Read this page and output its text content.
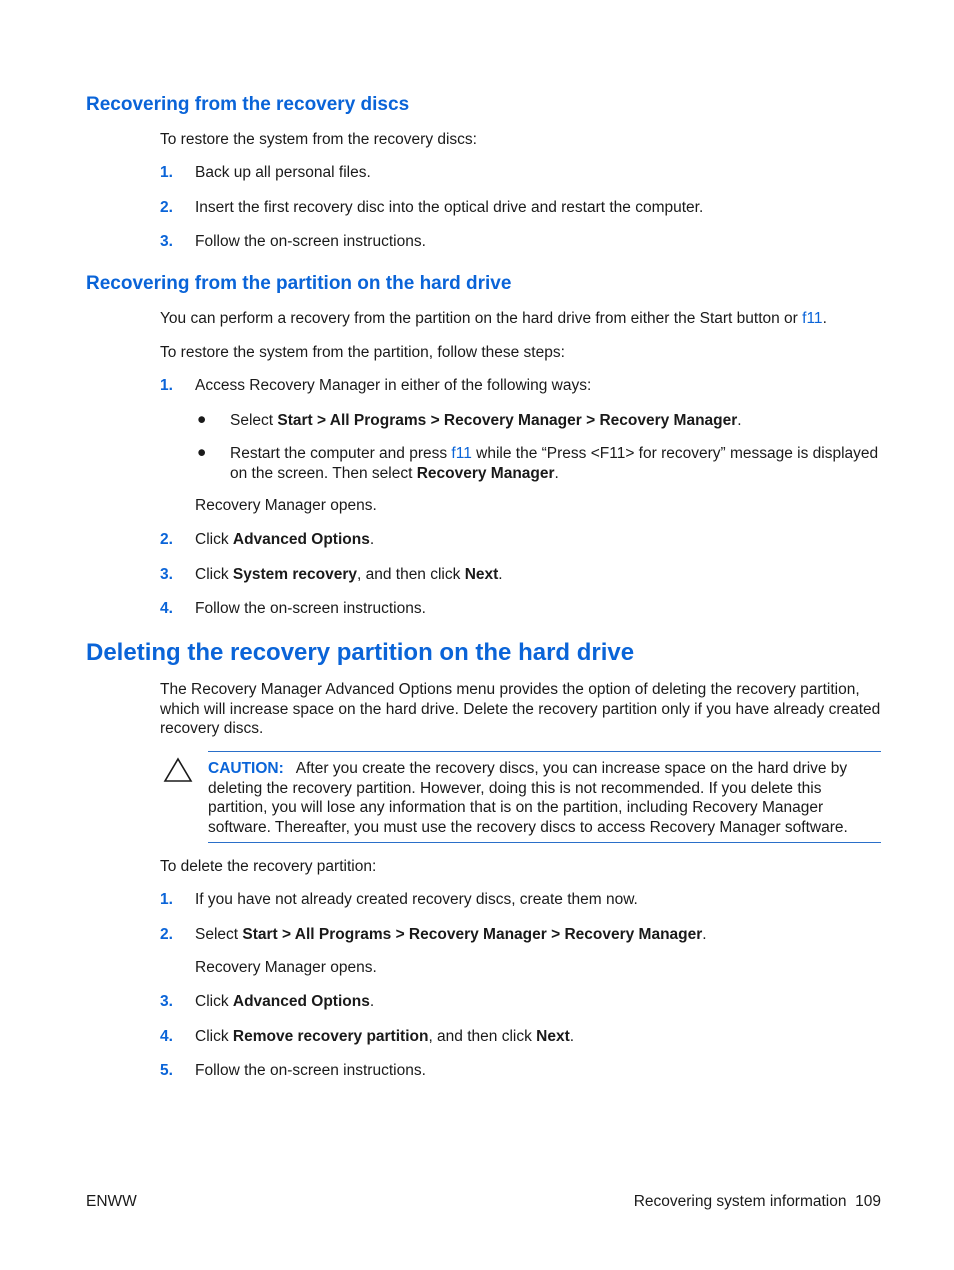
Recovering from the recovery discs
To restore the system from the recovery discs:
1. Back up all personal files.
2. Insert the first recovery disc into the optical drive and restart the computer.
3. Follow the on-screen instructions.
Recovering from the partition on the hard drive
You can perform a recovery from the partition on the hard drive from either the Start button or f11.
To restore the system from the partition, follow these steps:
1. Access Recovery Manager in either of the following ways:
● Select Start > All Programs > Recovery Manager > Recovery Manager.
● Restart the computer and press f11 while the “Press <F11> for recovery” message is displayed on the screen. Then select Recovery Manager.
Recovery Manager opens.
2. Click Advanced Options.
3. Click System recovery, and then click Next.
4. Follow the on-screen instructions.
Deleting the recovery partition on the hard drive
The Recovery Manager Advanced Options menu provides the option of deleting the recovery partition, which will increase space on the hard drive. Delete the recovery partition only if you have already created recovery discs.
CAUTION: After you create the recovery discs, you can increase space on the hard drive by deleting the recovery partition. However, doing this is not recommended. If you delete this partition, you will lose any information that is on the partition, including Recovery Manager software. Thereafter, you must use the recovery discs to access Recovery Manager software.
To delete the recovery partition:
1. If you have not already created recovery discs, create them now.
2. Select Start > All Programs > Recovery Manager > Recovery Manager.
Recovery Manager opens.
3. Click Advanced Options.
4. Click Remove recovery partition, and then click Next.
5. Follow the on-screen instructions.
ENWW	Recovering system information 109
